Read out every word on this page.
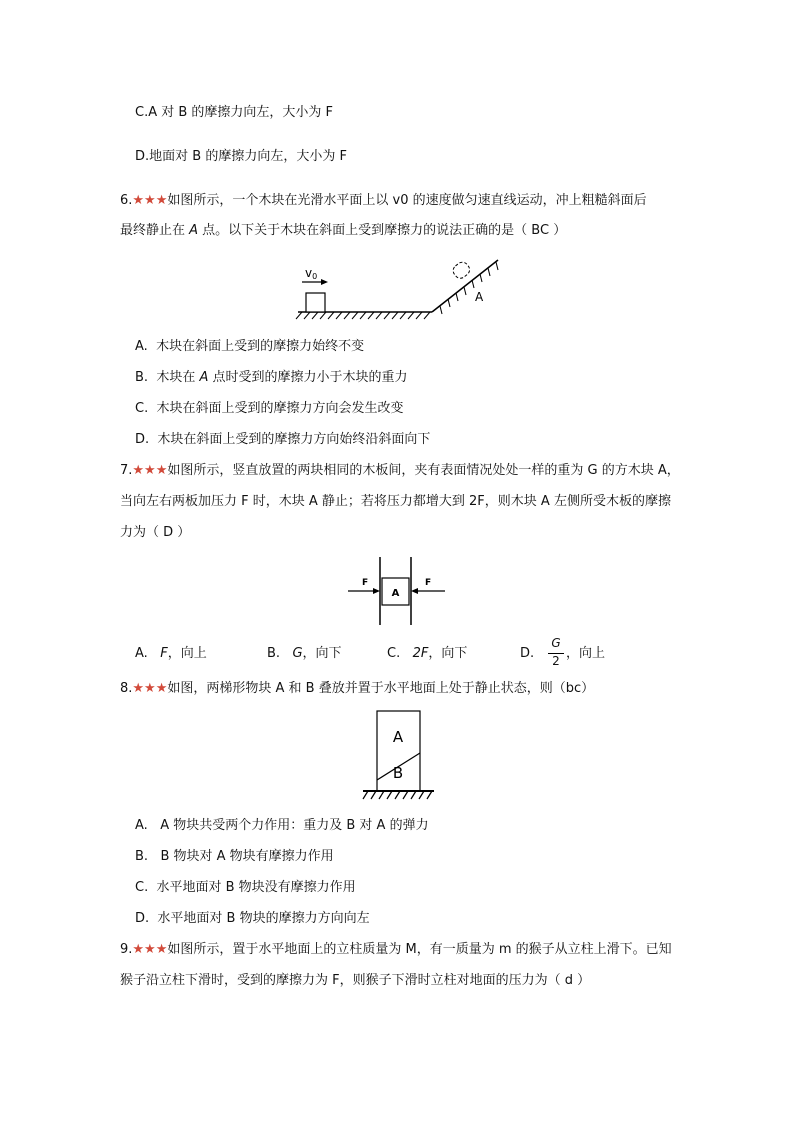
C.A 对 B 的摩擦力向左，大小为 F
D.地面对 B 的摩擦力向左，大小为 F
6.★★★如图所示，一个木块在光滑水平面上以 v0 的速度做匀速直线运动，冲上粗糙斜面后
最终静止在 A 点。以下关于木块在斜面上受到摩擦力的说法正确的是（ BC ）
v0
A
A. 木块在斜面上受到的摩擦力始终不变
B. 木块在 A 点时受到的摩擦力小于木块的重力
C. 木块在斜面上受到的摩擦力方向会发生改变
D. 木块在斜面上受到的摩擦力方向始终沿斜面向下
7.★★★如图所示，竖直放置的两块相同的木板间，夹有表面情况处处一样的重为 G 的方木块 A，
当向左右两板加压力 F 时，木块 A 静止；若将压力都增大到 2F，则木块 A 左侧所受木板的摩擦
力为（ D ）
A
F	F
A. F，向上	B. G，向下	C. 2F，向下	D.
G
2 ，向上
8.★★★如图，两梯形物块 A 和 B 叠放并置于水平地面上处于静止状态，则（bc）
A
B
A. A 物块共受两个力作用：重力及 B 对 A 的弹力
B. B 物块对 A 物块有摩擦力作用
C. 水平地面对 B 物块没有摩擦力作用
D. 水平地面对 B 物块的摩擦力方向向左
9.★★★如图所示，置于水平地面上的立柱质量为 M，有一质量为 m 的猴子从立柱上滑下。已知
猴子沿立柱下滑时，受到的摩擦力为 F，则猴子下滑时立柱对地面的压力为（ d ）
